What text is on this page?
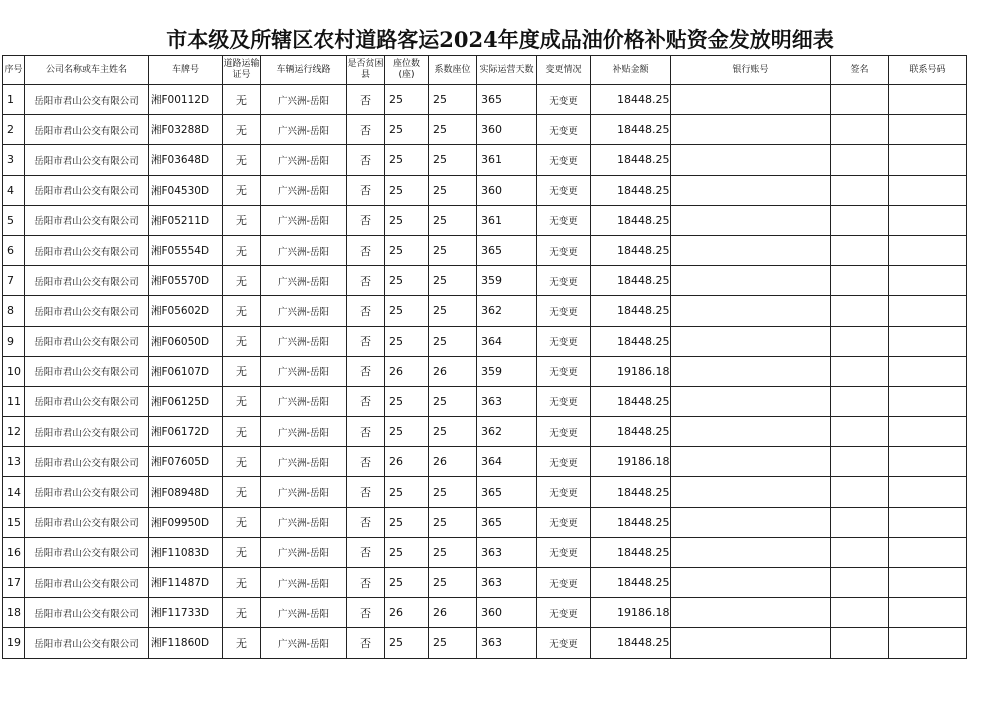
市本级及所辖区农村道路客运2024年度成品油价格补贴资金发放明细表
序号	公司名称或车主姓名	车牌号	道路运输证号	车辆运行线路	是否贫困县	座位数(座)	系数座位	实际运营天数	变更情况	补贴金额	银行账号	签名	联系号码
1	岳阳市君山公交有限公司	湘F00112D	无	广兴洲-岳阳	否	25	25	365	无变更	18448.25			
2	岳阳市君山公交有限公司	湘F03288D	无	广兴洲-岳阳	否	25	25	360	无变更	18448.25			
3	岳阳市君山公交有限公司	湘F03648D	无	广兴洲-岳阳	否	25	25	361	无变更	18448.25			
4	岳阳市君山公交有限公司	湘F04530D	无	广兴洲-岳阳	否	25	25	360	无变更	18448.25			
5	岳阳市君山公交有限公司	湘F05211D	无	广兴洲-岳阳	否	25	25	361	无变更	18448.25			
6	岳阳市君山公交有限公司	湘F05554D	无	广兴洲-岳阳	否	25	25	365	无变更	18448.25			
7	岳阳市君山公交有限公司	湘F05570D	无	广兴洲-岳阳	否	25	25	359	无变更	18448.25			
8	岳阳市君山公交有限公司	湘F05602D	无	广兴洲-岳阳	否	25	25	362	无变更	18448.25			
9	岳阳市君山公交有限公司	湘F06050D	无	广兴洲-岳阳	否	25	25	364	无变更	18448.25			
10	岳阳市君山公交有限公司	湘F06107D	无	广兴洲-岳阳	否	26	26	359	无变更	19186.18			
11	岳阳市君山公交有限公司	湘F06125D	无	广兴洲-岳阳	否	25	25	363	无变更	18448.25			
12	岳阳市君山公交有限公司	湘F06172D	无	广兴洲-岳阳	否	25	25	362	无变更	18448.25			
13	岳阳市君山公交有限公司	湘F07605D	无	广兴洲-岳阳	否	26	26	364	无变更	19186.18			
14	岳阳市君山公交有限公司	湘F08948D	无	广兴洲-岳阳	否	25	25	365	无变更	18448.25			
15	岳阳市君山公交有限公司	湘F09950D	无	广兴洲-岳阳	否	25	25	365	无变更	18448.25			
16	岳阳市君山公交有限公司	湘F11083D	无	广兴洲-岳阳	否	25	25	363	无变更	18448.25			
17	岳阳市君山公交有限公司	湘F11487D	无	广兴洲-岳阳	否	25	25	363	无变更	18448.25			
18	岳阳市君山公交有限公司	湘F11733D	无	广兴洲-岳阳	否	26	26	360	无变更	19186.18			
19	岳阳市君山公交有限公司	湘F11860D	无	广兴洲-岳阳	否	25	25	363	无变更	18448.25			
